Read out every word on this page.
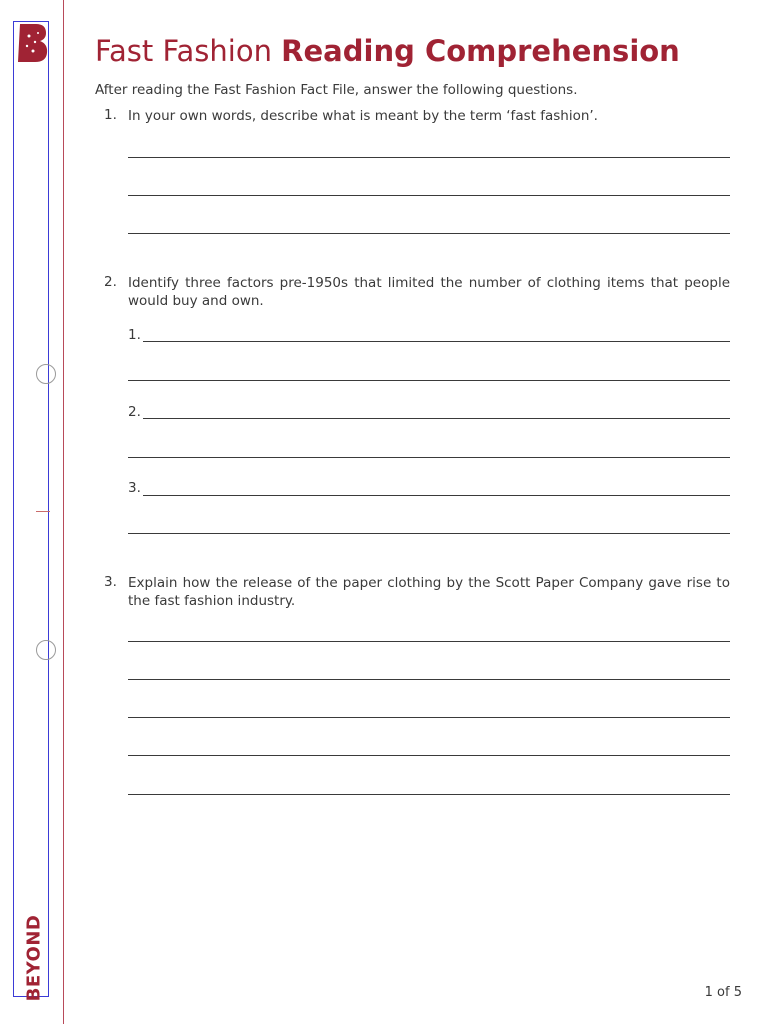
BEYOND
Fast Fashion Reading Comprehension
After reading the Fast Fashion Fact File, answer the following questions.
1. In your own words, describe what is meant by the term ‘fast fashion’.
2. Identify three factors pre-1950s that limited the number of clothing items that people would buy and own.
1.
2.
3.
3. Explain how the release of the paper clothing by the Scott Paper Company gave rise to the fast fashion industry.
1 of 5
